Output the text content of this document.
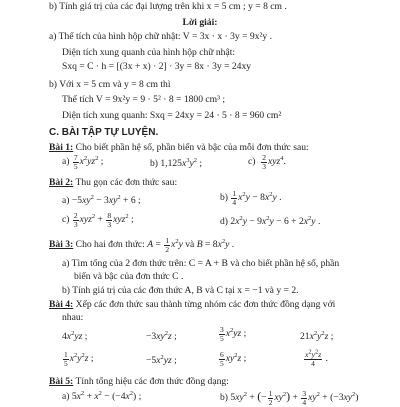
b) Tính giá trị của các đại lượng trên khi x = 5 cm ; y = 8 cm .
Lời giải:
a) Thể tích của hình hộp chữ nhật: V = 3x · x · 3y = 9x²y .
Diện tích xung quanh của hình hộp chữ nhật:
Sxq = C · h = [(3x + x) · 2] · 3y = 8x · 3y = 24xy
b) Với x = 5 cm và y = 8 cm thì
Thể tích V = 9x²y = 9 · 5² · 8 = 1800 cm³ ;
Diện tích xung quanh: Sxq = 24xy = 24 · 5 · 8 = 960 cm²
C. BÀI TẬP TỰ LUYỆN.
Bài 1: Cho biết phần hệ số, phần biến và bậc của mỗi đơn thức sau:
$a) \frac{7}{5} x^2yz^2$ ;	b) $1,125x^3y^2$ ;	$c) \frac{2}{3} xyz^4$.
Bài 2: Thu gọn các đơn thức sau:
$a) -5xy^2 - 3xy^2 + 6$ ;	$b) \frac{1}{4} x^2y - 8x^2y$ .
$c) \frac{2}{3} xyz^2 + \frac{8}{3} xyz^2$ ;	d) $2x^2y - 9x^2y - 6 + 2x^2y$ .
Bài 3: Cho hai đơn thức: $A = \frac{1}{2} x^2y$ và $B = 8x^2y$ .
a) Tìm tổng của 2 đơn thức trên: C = A + B và cho biết phần hệ số, phần
biến và bậc của đơn thức C .
b) Tính giá trị của các đơn thức A, B và C tại x = −1 và y = 2.
Bài 4: Xếp các đơn thức sau thành từng nhóm các đơn thức đồng dạng với
nhau:
$4x^2yz$ ;	$-3xy^2z$ ;	$\frac{3}{5} x^2yz$ ;	$21x^2y^2z$ ;
$\frac{1}{5} x^2y^2z$ ;	$-5x^2yz$ ;	$\frac{6}{5} xy^2z$ ;	$\frac{x^2y^2z}{4}$ .
Bài 5: Tính tổng hiệu các đơn thức đồng dạng:
a) $5x^2 + x^2 - (-4x^2)$ ;	b) $5xy^2$ + (− $\frac{1}{2} xy^2) + \frac{3}{4} xy^2 + (-3xy^2)$
